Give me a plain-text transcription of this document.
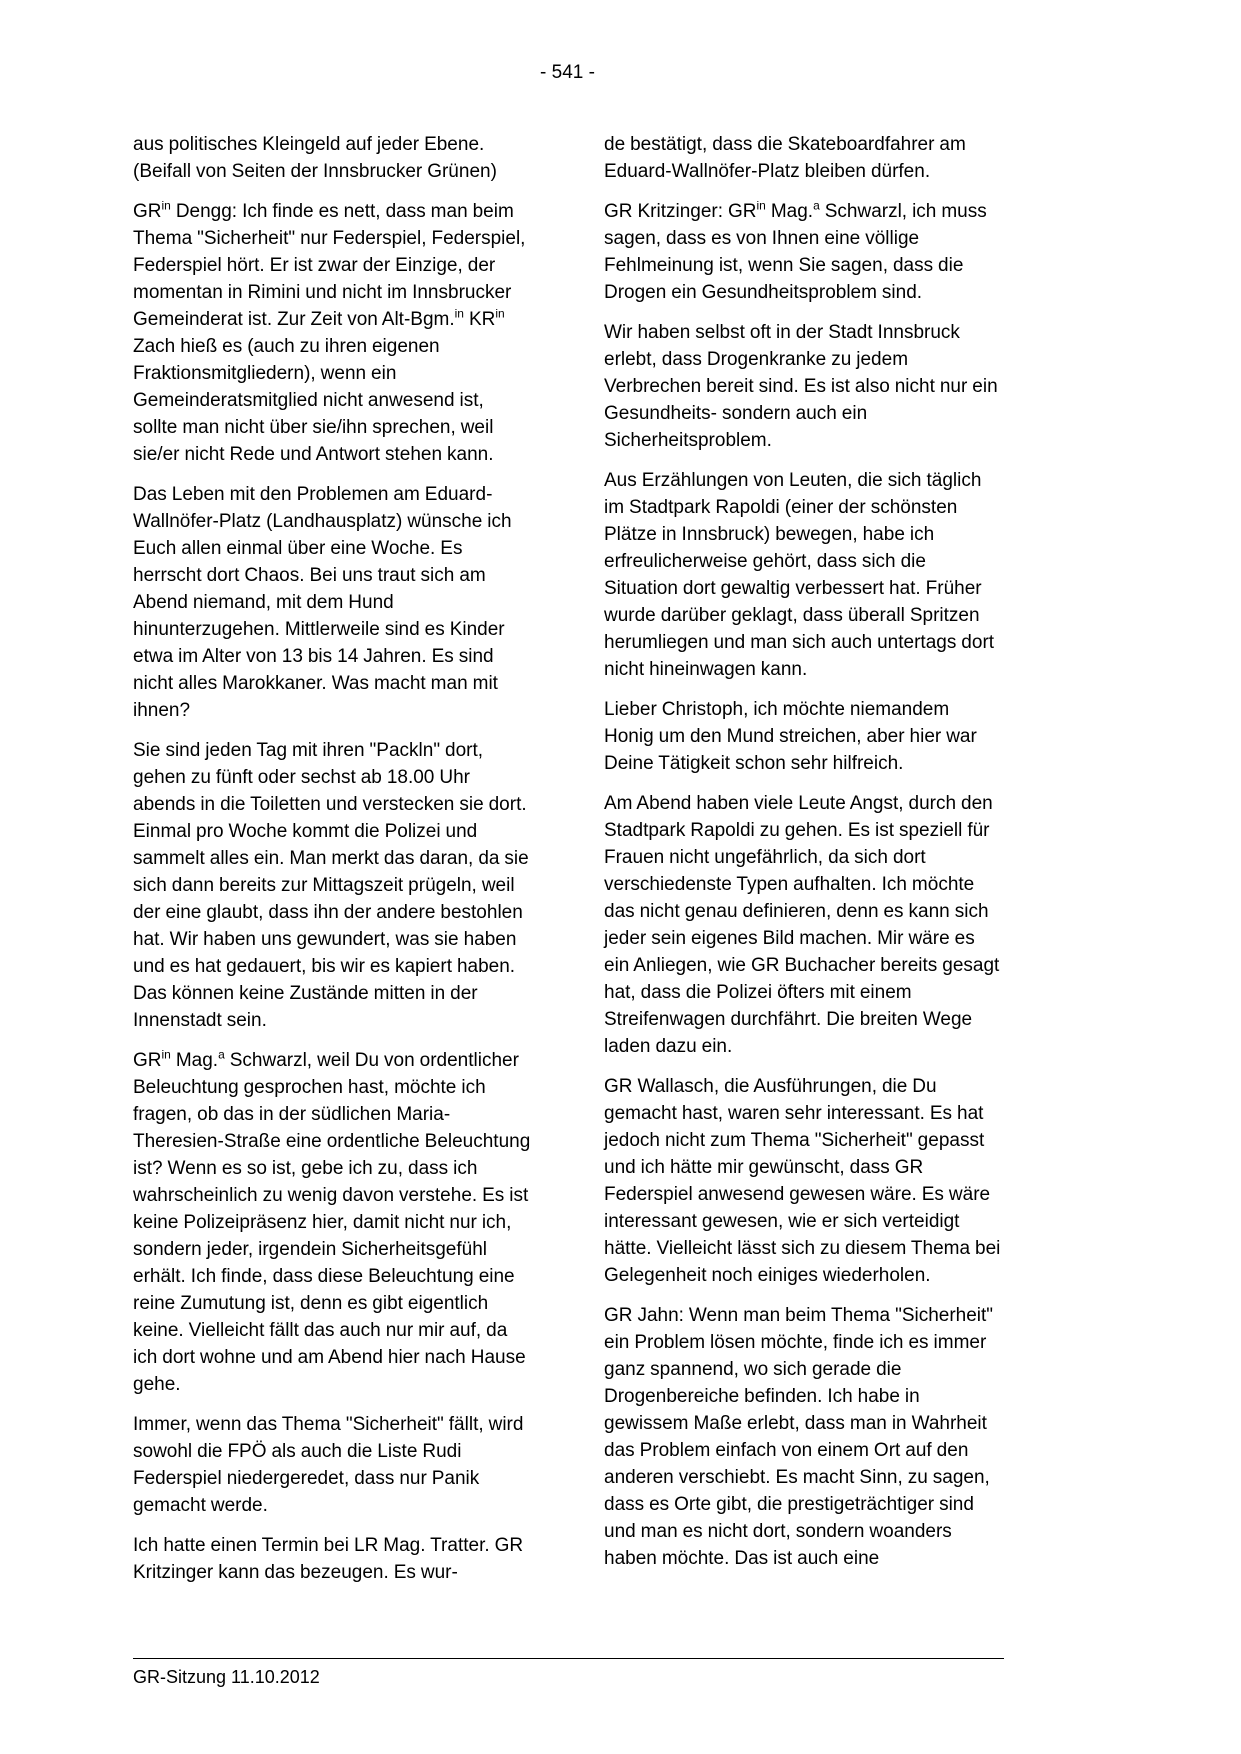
- 541 -

aus politisches Kleingeld auf jeder Ebene. (Beifall von Seiten der Innsbrucker Grünen)

$GR^{in}$ Dengg: Ich finde es nett, dass man beim Thema "Sicherheit" nur Federspiel, Federspiel, Federspiel hört. Er ist zwar der Einzige, der momentan in Rimini und nicht im Innsbrucker Gemeinderat ist. Zur Zeit von Alt-Bgm.$^{in}$ $KR^{in}$ Zach hieß es (auch zu ihren eigenen Fraktionsmitgliedern), wenn ein Gemeinderatsmitglied nicht anwesend ist, sollte man nicht über sie/ihn sprechen, weil sie/er nicht Rede und Antwort stehen kann.

Das Leben mit den Problemen am Eduard-Wallnöfer-Platz (Landhausplatz) wünsche ich Euch allen einmal über eine Woche. Es herrscht dort Chaos. Bei uns traut sich am Abend niemand, mit dem Hund hinunterzugehen. Mittlerweile sind es Kinder etwa im Alter von 13 bis 14 Jahren. Es sind nicht alles Marokkaner. Was macht man mit ihnen?

Sie sind jeden Tag mit ihren "Packln" dort, gehen zu fünft oder sechst ab 18.00 Uhr abends in die Toiletten und verstecken sie dort. Einmal pro Woche kommt die Polizei und sammelt alles ein. Man merkt das daran, da sie sich dann bereits zur Mittagszeit prügeln, weil der eine glaubt, dass ihn der andere bestohlen hat. Wir haben uns gewundert, was sie haben und es hat gedauert, bis wir es kapiert haben. Das können keine Zustände mitten in der Innenstadt sein.

$GR^{in}$ Mag.$^a$ Schwarzl, weil Du von ordentlicher Beleuchtung gesprochen hast, möchte ich fragen, ob das in der südlichen Maria-Theresien-Straße eine ordentliche Beleuchtung ist? Wenn es so ist, gebe ich zu, dass ich wahrscheinlich zu wenig davon verstehe. Es ist keine Polizeipräsenz hier, damit nicht nur ich, sondern jeder, irgendein Sicherheitsgefühl erhält. Ich finde, dass diese Beleuchtung eine reine Zumutung ist, denn es gibt eigentlich keine. Vielleicht fällt das auch nur mir auf, da ich dort wohne und am Abend hier nach Hause gehe.

Immer, wenn das Thema "Sicherheit" fällt, wird sowohl die FPÖ als auch die Liste Rudi Federspiel niedergeredet, dass nur Panik gemacht werde.

Ich hatte einen Termin bei LR Mag. Tratter. GR Kritzinger kann das bezeugen. Es wur-

de bestätigt, dass die Skateboardfahrer am Eduard-Wallnöfer-Platz bleiben dürfen.

GR Kritzinger: $GR^{in}$ Mag.$^a$ Schwarzl, ich muss sagen, dass es von Ihnen eine völlige Fehlmeinung ist, wenn Sie sagen, dass die Drogen ein Gesundheitsproblem sind.

Wir haben selbst oft in der Stadt Innsbruck erlebt, dass Drogenkranke zu jedem Verbrechen bereit sind. Es ist also nicht nur ein Gesundheits- sondern auch ein Sicherheitsproblem.

Aus Erzählungen von Leuten, die sich täglich im Stadtpark Rapoldi (einer der schönsten Plätze in Innsbruck) bewegen, habe ich erfreulicherweise gehört, dass sich die Situation dort gewaltig verbessert hat. Früher wurde darüber geklagt, dass überall Spritzen herumliegen und man sich auch untertags dort nicht hineinwagen kann.

Lieber Christoph, ich möchte niemandem Honig um den Mund streichen, aber hier war Deine Tätigkeit schon sehr hilfreich.

Am Abend haben viele Leute Angst, durch den Stadtpark Rapoldi zu gehen. Es ist speziell für Frauen nicht ungefährlich, da sich dort verschiedenste Typen aufhalten. Ich möchte das nicht genau definieren, denn es kann sich jeder sein eigenes Bild machen. Mir wäre es ein Anliegen, wie GR Buchacher bereits gesagt hat, dass die Polizei öfters mit einem Streifenwagen durchfährt. Die breiten Wege laden dazu ein.

GR Wallasch, die Ausführungen, die Du gemacht hast, waren sehr interessant. Es hat jedoch nicht zum Thema "Sicherheit" gepasst und ich hätte mir gewünscht, dass GR Federspiel anwesend gewesen wäre. Es wäre interessant gewesen, wie er sich verteidigt hätte. Vielleicht lässt sich zu diesem Thema bei Gelegenheit noch einiges wiederholen.

GR Jahn: Wenn man beim Thema "Sicherheit" ein Problem lösen möchte, finde ich es immer ganz spannend, wo sich gerade die Drogenbereiche befinden. Ich habe in gewissem Maße erlebt, dass man in Wahrheit das Problem einfach von einem Ort auf den anderen verschiebt. Es macht Sinn, zu sagen, dass es Orte gibt, die prestigeträchtiger sind und man es nicht dort, sondern woanders haben möchte. Das ist auch eine

GR-Sitzung 11.10.2012
